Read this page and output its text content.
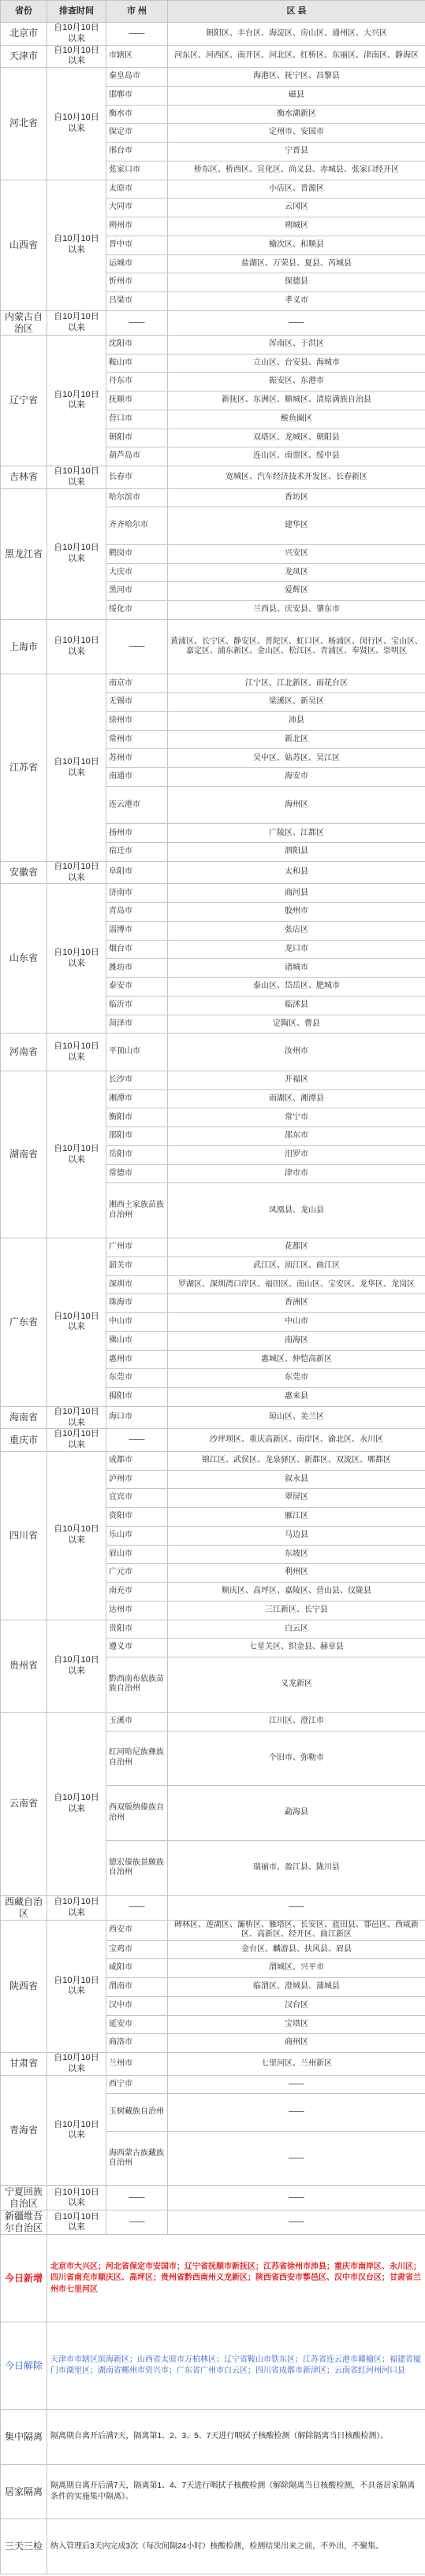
省份	排查时间	市 州	区 县
北京市	自10月10日以来	——	朝阳区、丰台区、海淀区、房山区、通州区、大兴区
天津市	自10月10日以来	市辖区	河东区、河西区、南开区、河北区、红桥区、东丽区、津南区、静海区
河北省	自10月10日以来	秦皇岛市	海港区、抚宁区、昌黎县
		邯郸市	磁县
		衡水市	衡水湖新区
		保定市	定州市、安国市
		邢台市	宁晋县
		张家口市	桥东区、桥西区、宣化区、尚义县、赤城县、张家口经开区
山西省	自10月10日以来	太原市	小店区、晋源区
		大同市	云冈区
		朔州市	朔城区
		晋中市	榆次区、和顺县
		运城市	盐湖区、万荣县、夏县、芮城县
		忻州市	保德县
		吕梁市	孝义市
内蒙古自治区	自10月10日以来	——	——
辽宁省	自10月10日以来	沈阳市	浑南区、于洪区
		鞍山市	立山区、台安县、海城市
		丹东市	振安区、东港市
		抚顺市	新抚区、东洲区、顺城区、清原满族自治县
		营口市	鲅鱼圈区
		朝阳市	双塔区、龙城区、朝阳县
		葫芦岛市	连山区、南票区、绥中县
吉林省	自10月10日以来	长春市	宽城区、汽车经济技术开发区、长春新区
黑龙江省	自10月10日以来	哈尔滨市	香坊区
		齐齐哈尔市	建华区
		鹤岗市	兴安区
		大庆市	龙凤区
		黑河市	爱辉区
		绥化市	兰西县、庆安县、肇东市
上海市	自10月10日以来	——	黄浦区、长宁区、静安区、普陀区、虹口区、杨浦区、闵行区、宝山区、嘉定区、浦东新区、金山区、松江区、青浦区、奉贤区、崇明区
江苏省	自10月10日以来	南京市	江宁区、江北新区、雨花台区
		无锡市	梁溪区、新吴区
		徐州市	沛县
		常州市	新北区
		苏州市	吴中区、姑苏区、吴江区
		南通市	海安市
		连云港市	海州区
		扬州市	广陵区、江都区
		宿迁市	泗阳县
安徽省	自10月10日以来	阜阳市	太和县
山东省	自10月10日以来	济南市	商河县
		青岛市	胶州市
		淄博市	张店区
		烟台市	龙口市
		潍坊市	诸城市
		泰安市	泰山区、岱岳区、肥城市
		临沂市	临沭县
		菏泽市	定陶区、曹县
河南省	自10月10日以来	平顶山市	汝州市
湖南省	自10月10日以来	长沙市	开福区
		湘潭市	雨湖区、湘潭县
		衡阳市	常宁市
		邵阳市	邵东市
		岳阳市	汨罗市
		常德市	津市市
		湘西土家族苗族自治州	凤凰县、龙山县
广东省	自10月10日以来	广州市	花都区
		韶关市	武江区、浈江区、曲江区
		深圳市	罗湖区、深圳湾口岸区、福田区、南山区、宝安区、龙华区、龙岗区
		珠海市	香洲区
		中山市	中山市
		佛山市	南海区
		惠州市	惠城区、仲恺高新区
		东莞市	东莞市
		揭阳市	惠来县
海南省	自10月10日以来	海口市	琼山区、美兰区
重庆市	自10月10日以来	——	沙坪坝区、重庆高新区、南岸区、渝北区、永川区
四川省	自10月10日以来	成都市	锦江区、武侯区、龙泉驿区、新都区、双流区、郫都区
		泸州市	叙永县
		宜宾市	翠屏区
		资阳市	雁江区
		乐山市	马边县
		眉山市	东坡区
		广元市	利州区
		南充市	顺庆区、高坪区、嘉陵区、营山县、仪陇县
		达州市	三江新区、长宁县
贵州省	自10月10日以来	贵阳市	白云区
		遵义市	七星关区、织金县、赫章县
		黔西南布依族苗族自治州	义龙新区
云南省	自10月10日以来	玉溪市	江川区、澄江市
		红河哈尼族彝族自治州	个旧市、弥勒市
		西双版纳傣族自治州	勐海县
		德宏傣族景颇族自治州	瑞丽市、盈江县、陇川县
西藏自治区	自10月10日以来	——	——
陕西省	自10月10日以来	西安市	碑林区、莲湖区、灞桥区、雁塔区、长安区、蓝田县、鄠邑区、西咸新区、高新区、经开区、曲江新区
		宝鸡市	金台区、麟游县、扶风县、眉县
		咸阳市	渭城区、兴平市
		渭南市	临渭区、澄城县、蒲城县
		汉中市	汉台区
		延安市	宝塔区
		商洛市	商州区
甘肃省	自10月10日以来	兰州市	七里河区、兰州新区
青海省	自10月10日以来	西宁市	——
		玉树藏族自治州	——
		海西蒙古族藏族自治州	——
宁夏回族自治区	自10月10日以来	——	——
新疆维吾尔自治区	自10月10日以来	——	——
今日新增	北京市大兴区；河北省保定市安国市；辽宁省抚顺市新抚区；江苏省徐州市沛县；重庆市南岸区、永川区；四川省南充市顺庆区、高坪区；贵州省黔西南州义龙新区；陕西省西安市鄠邑区、汉中市汉台区；甘肃省兰州市七里河区		
今日解除	天津市市辖区滨海新区；山西省太原市万柏林区；辽宁省鞍山市铁东区；江苏省连云港市赣榆区；福建省厦门市湖里区；湖南省郴州市资兴市；广东省广州市白云区；四川省成都市新津区；云南省红河州河口县		
集中隔离	隔离期自离开后满7天，隔离第1、2、3、5、7天进行咽拭子核酸检测（解除隔离当日核酸检测）。		
居家隔离	隔离期自离开后满7天，隔离第1、4、7天进行咽拭子核酸检测（解除隔离当日核酸检测，不具备居家隔离条件的实施集中隔离）。		
三天三检	纳入管理后3天内完成3次（每次间隔24小时）核酸检测，检测结果出来之前，不外出，不聚集。		
